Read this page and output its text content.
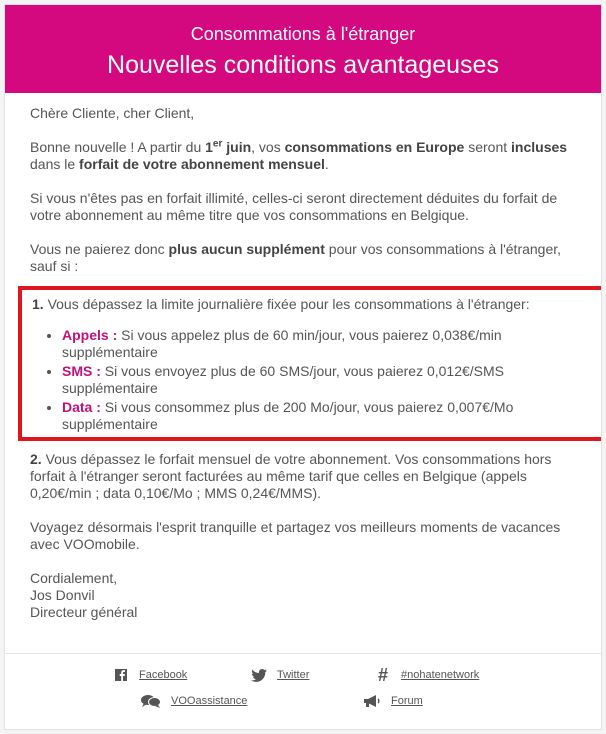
Consommations à l'étranger
Nouvelles conditions avantageuses

Chère Cliente, cher Client,

Bonne nouvelle ! A partir du 1er juin, vos consommations en Europe seront incluses dans le forfait de votre abonnement mensuel.

Si vous n'êtes pas en forfait illimité, celles-ci seront directement déduites du forfait de votre abonnement au même titre que vos consommations en Belgique.

Vous ne paierez donc plus aucun supplément pour vos consommations à l'étranger, sauf si :

1. Vous dépassez la limite journalière fixée pour les consommations à l'étranger:

• Appels : Si vous appelez plus de 60 min/jour, vous paierez 0,038€/min supplémentaire
• SMS : Si vous envoyez plus de 60 SMS/jour, vous paierez 0,012€/SMS supplémentaire
• Data : Si vous consommez plus de 200 Mo/jour, vous paierez 0,007€/Mo supplémentaire

2. Vous dépassez le forfait mensuel de votre abonnement. Vos consommations hors forfait à l'étranger seront facturées au même tarif que celles en Belgique (appels 0,20€/min ; data 0,10€/Mo ; MMS 0,24€/MMS).

Voyagez désormais l'esprit tranquille et partagez vos meilleurs moments de vacances avec VOOmobile.

Cordialement,
Jos Donvil
Directeur général
Facebook	Twitter	# #nohatenetwork
VOOassistance	Forum
